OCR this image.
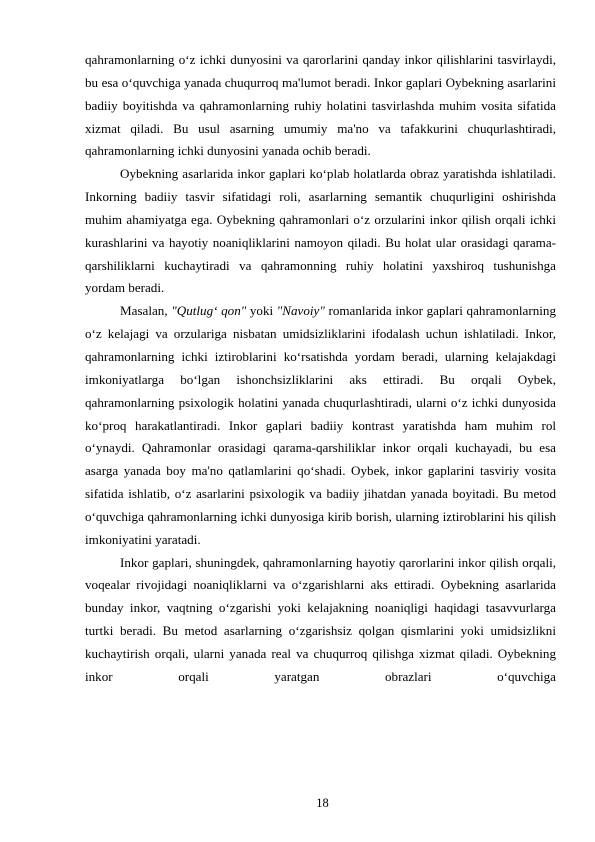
qahramonlarning o‘z ichki dunyosini va qarorlarini qanday inkor qilishlarini tasvirlaydi, bu esa o‘quvchiga yanada chuqurroq ma'lumot beradi. Inkor gaplari Oybekning asarlarini badiiy boyitishda va qahramonlarning ruhiy holatini tasvirlashda muhim vosita sifatida xizmat qiladi. Bu usul asarning umumiy ma'no va tafakkurini chuqurlashtiradi, qahramonlarning ichki dunyosini yanada ochib beradi.

Oybekning asarlarida inkor gaplari ko‘plab holatlarda obraz yaratishda ishlatiladi. Inkorning badiiy tasvir sifatidagi roli, asarlarning semantik chuqurligini oshirishda muhim ahamiyatga ega. Oybekning qahramonlari o‘z orzularini inkor qilish orqali ichki kurashlarini va hayotiy noaniqliklarini namoyon qiladi. Bu holat ular orasidagi qarama-qarshiliklarni kuchaytiradi va qahramonning ruhiy holatini yaxshiroq tushunishga yordam beradi.

Masalan, "Qutlug‘ qon" yoki "Navoiy" romanlarida inkor gaplari qahramonlarning o‘z kelajagi va orzulariga nisbatan umidsizliklarini ifodalash uchun ishlatiladi. Inkor, qahramonlarning ichki iztiroblarini ko‘rsatishda yordam beradi, ularning kelajakdagi imkoniyatlarga bo‘lgan ishonchsizliklarini aks ettiradi. Bu orqali Oybek, qahramonlarning psixologik holatini yanada chuqurlashtiradi, ularni o‘z ichki dunyosida ko‘proq harakatlantiradi. Inkor gaplari badiiy kontrast yaratishda ham muhim rol o‘ynaydi. Qahramonlar orasidagi qarama-qarshiliklar inkor orqali kuchayadi, bu esa asarga yanada boy ma'no qatlamlarini qo‘shadi. Oybek, inkor gaplarini tasviriy vosita sifatida ishlatib, o‘z asarlarini psixologik va badiiy jihatdan yanada boyitadi. Bu metod o‘quvchiga qahramonlarning ichki dunyosiga kirib borish, ularning iztiroblarini his qilish imkoniyatini yaratadi.

Inkor gaplari, shuningdek, qahramonlarning hayotiy qarorlarini inkor qilish orqali, voqealar rivojidagi noaniqliklarni va o‘zgarishlarni aks ettiradi. Oybekning asarlarida bunday inkor, vaqtning o‘zgarishi yoki kelajakning noaniqligi haqidagi tasavvurlarga turtki beradi. Bu metod asarlarning o‘zgarishsiz qolgan qismlarini yoki umidsizlikni kuchaytirish orqali, ularni yanada real va chuqurroq qilishga xizmat qiladi. Oybekning inkor orqali yaratgan obrazlari o‘quvchiga

18
